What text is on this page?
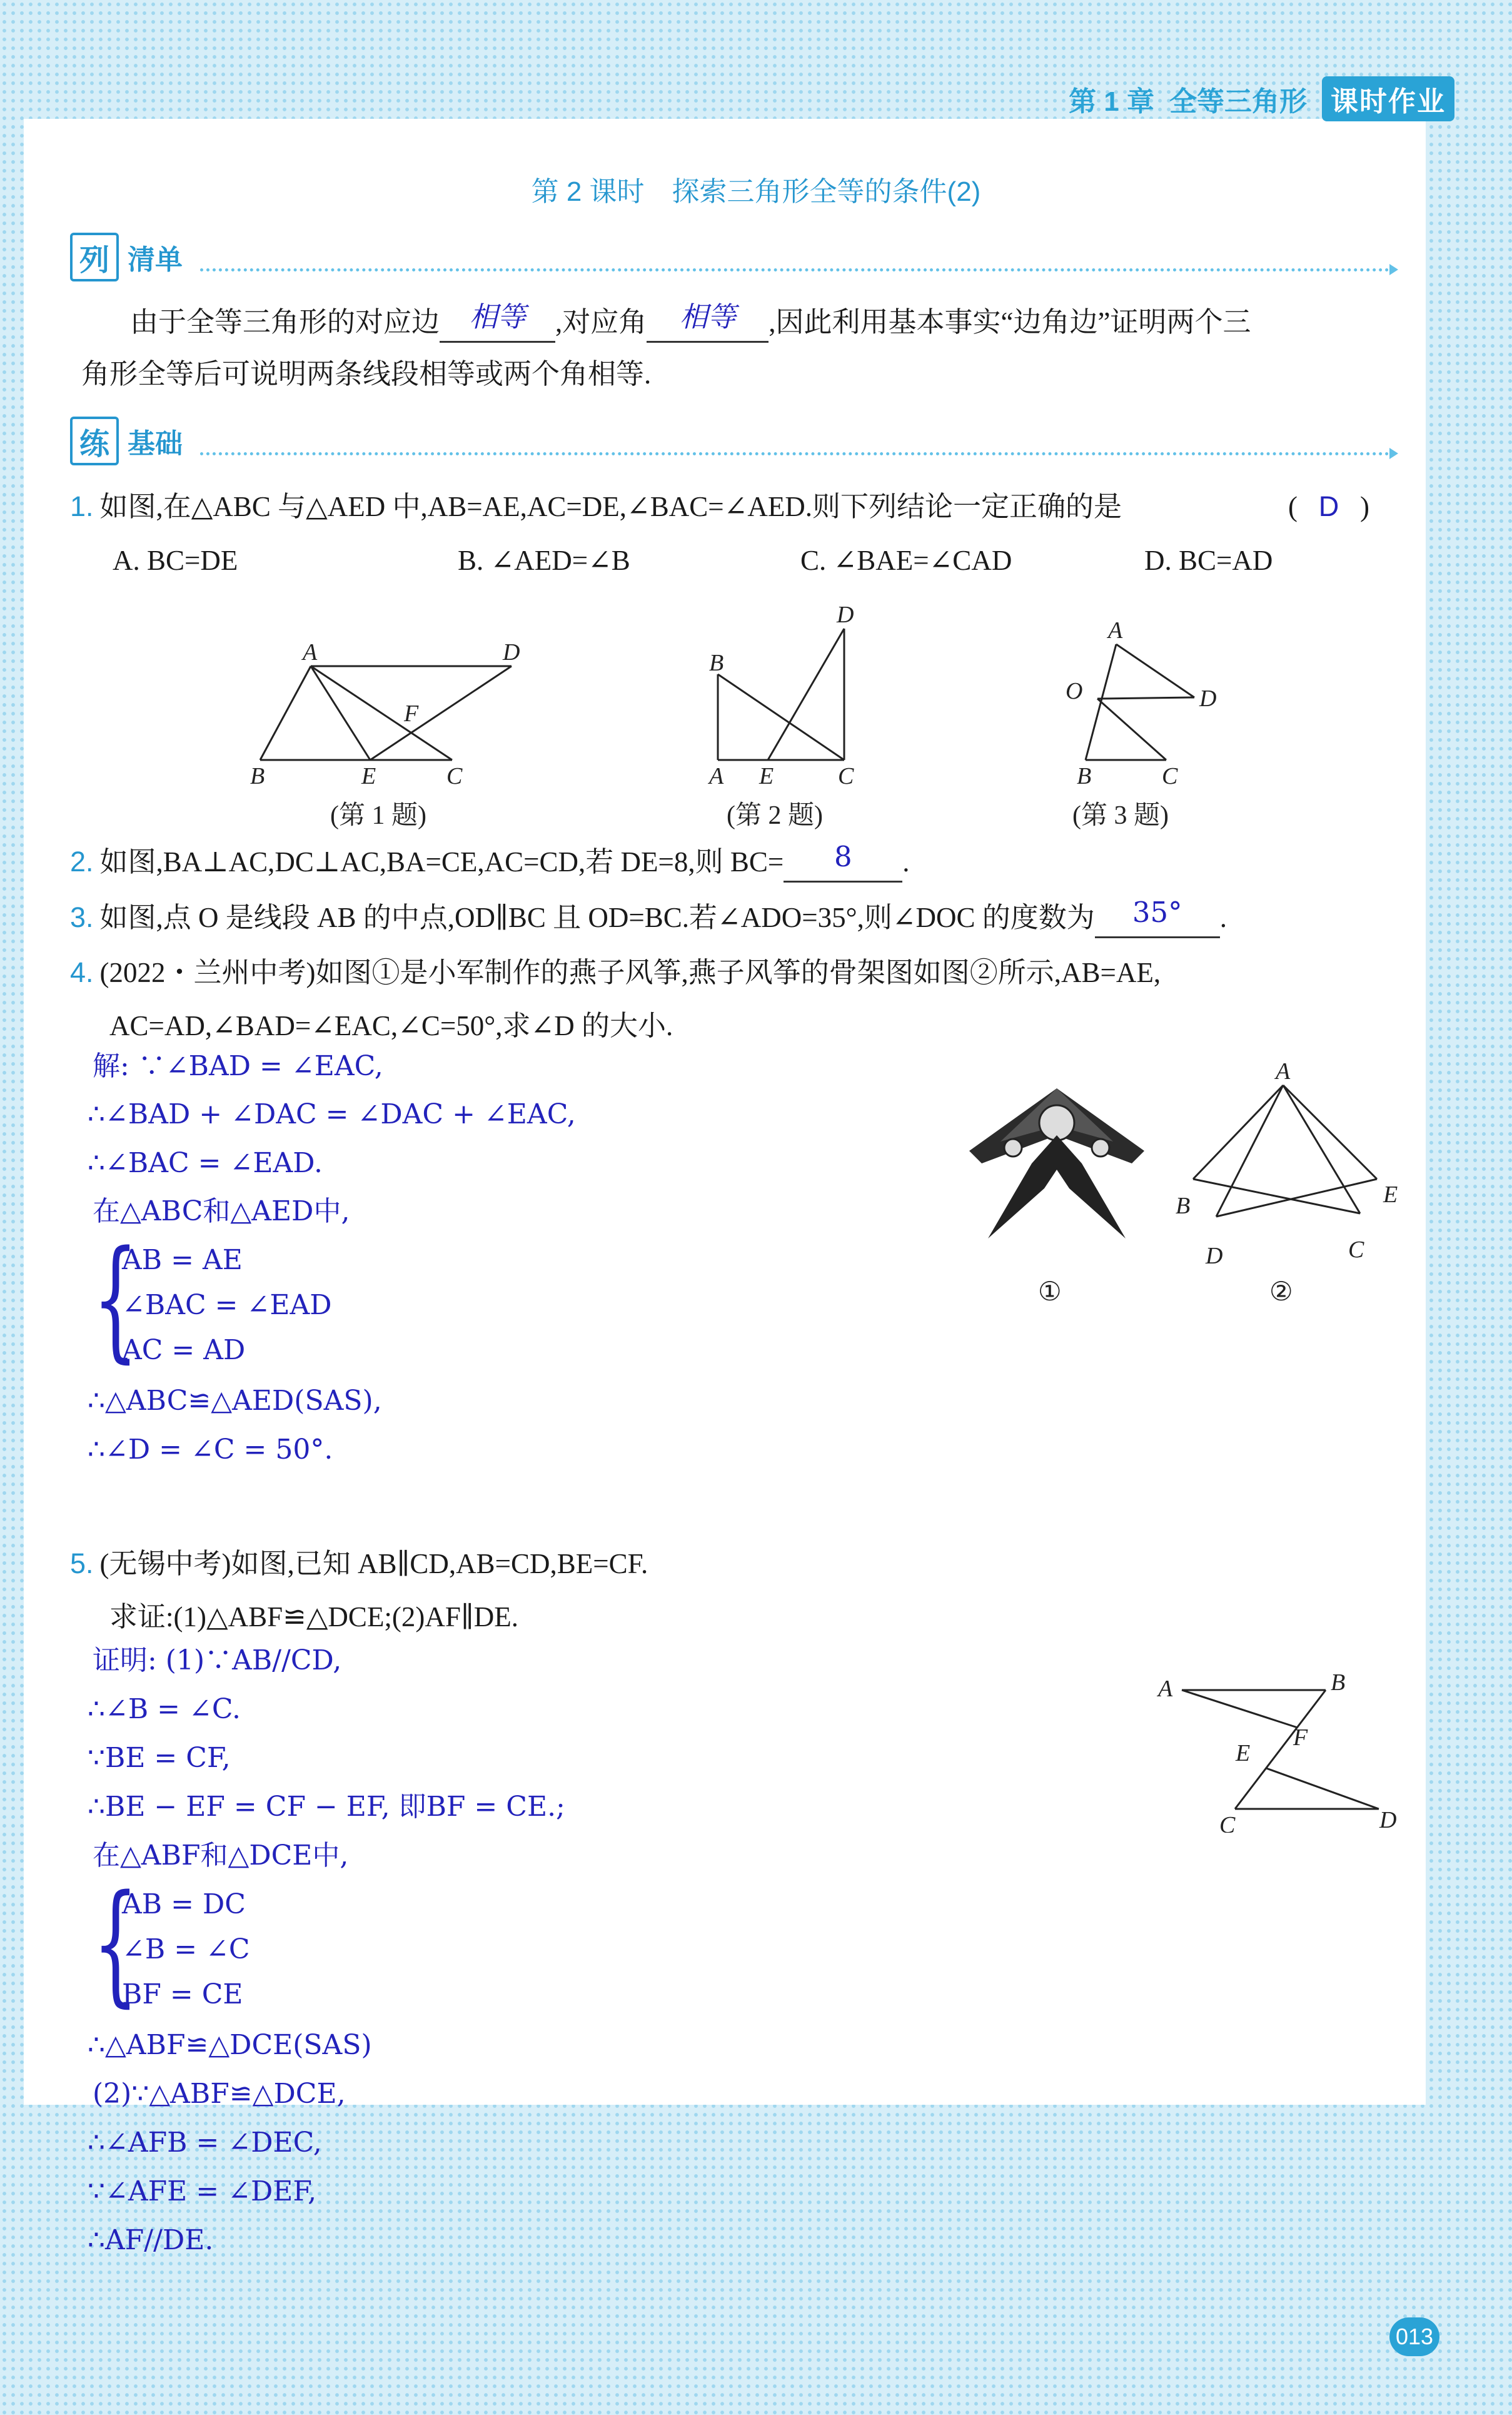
第 1 章 全等三角形 课时作业
第 2 课时　探索三角形全等的条件(2)
列 清单
由于全等三角形的对应边 相等 ,对应角 相等 ,因此利用基本事实“边角边”证明两个三
角形全等后可说明两条线段相等或两个角相等.
练 基础
1. 如图,在△ABC 与△AED 中,AB=AE,AC=DE,∠BAC=∠AED.则下列结论一定正确的是	( D )
A. BC=DE	B. ∠AED=∠B	C. ∠BAE=∠CAD	D. BC=AD
A	D
F
B	E	C
(第 1 题)
D
B
A E	C
(第 2 题)
A
O	D
B	C
(第 3 题)
2. 如图,BA⊥AC,DC⊥AC,BA=CE,AC=CD,若 DE=8,则 BC= 8 .
3. 如图,点 O 是线段 AB 的中点,OD∥BC 且 OD=BC.若∠ADO=35°,则∠DOC 的度数为 35° .
4. (2022・兰州中考)如图①是小军制作的燕子风筝,燕子风筝的骨架图如图②所示,AB=AE,
AC=AD,∠BAD=∠EAC,∠C=50°,求∠D 的大小.
解: ∵∠BAD = ∠EAC,
∴∠BAD + ∠DAC = ∠DAC + ∠EAC,
∴∠BAC = ∠EAD.
在△ABC和△AED中,
{
AB = AE
∠BAC = ∠EAD
AC = AD
∴△ABC≌△AED(SAS),
∴∠D = ∠C = 50°.
A
B	E
D	C
①	②
5. (无锡中考)如图,已知 AB∥CD,AB=CD,BE=CF.
求证:(1)△ABF≌△DCE;(2)AF∥DE.
证明: (1)∵AB//CD,
∴∠B = ∠C.
∵BE = CF,
∴BE − EF = CF − EF, 即BF = CE.;
在△ABF和△DCE中,
{
AB = DC
∠B = ∠C
BF = CE
∴△ABF≌△DCE(SAS)
(2)∵△ABF≌△DCE,
∴∠AFB = ∠DEC,
∵∠AFE = ∠DEF,
∴AF//DE.
A	B
F
E
C	D
013
